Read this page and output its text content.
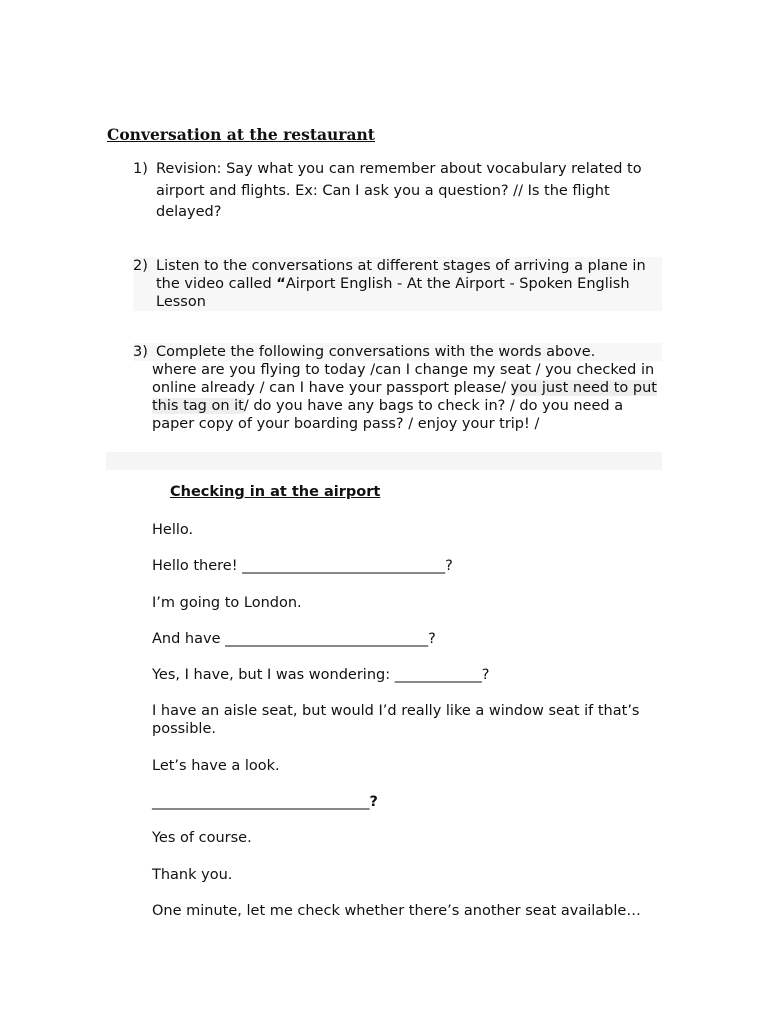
Conversation at the restaurant
1) Revision: Say what you can remember about vocabulary related to airport and flights. Ex: Can I ask you a question? // Is the flight delayed?
2) Listen to the conversations at different stages of arriving a plane in the video called “Airport English - At the Airport - Spoken English Lesson
3) Complete the following conversations with the words above.
where are you flying to today /can I change my seat / you checked in online already / can I have your passport please/ you just need to put this tag on it/ do you have any bags to check in? / do you need a paper copy of your boarding pass? / enjoy your trip! /
Checking in at the airport
Hello.
Hello there! ____________________________?
I’m going to London.
And have ____________________________?
Yes, I have, but I was wondering: ____________?
I have an aisle seat, but would I’d really like a window seat if that’s possible.
Let’s have a look.
______________________________?
Yes of course.
Thank you.
One minute, let me check whether there’s another seat available…
